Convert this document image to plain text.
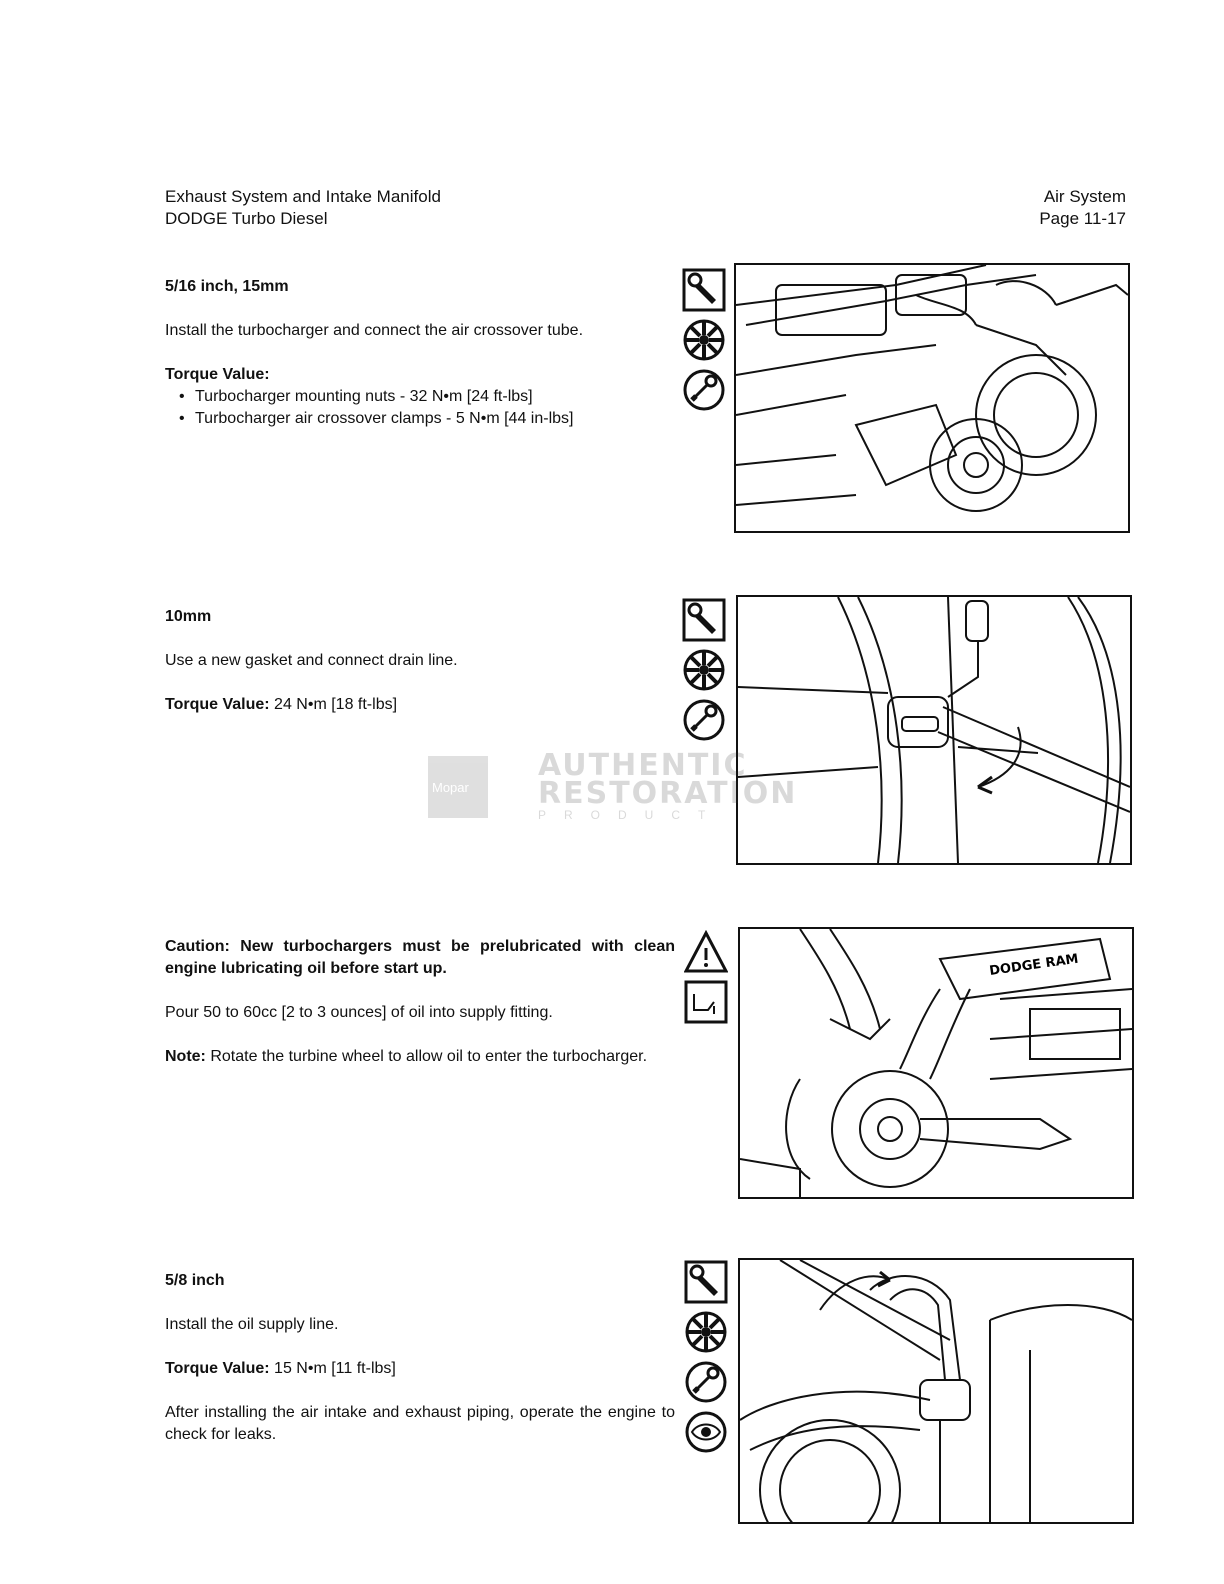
Exhaust System and Intake Manifold
DODGE Turbo Diesel
Air System
Page 11-17
5/16 inch, 15mm

Install the turbocharger and connect the air crossover tube.

Torque Value:
• Turbocharger mounting nuts - 32 N•m [24 ft-lbs]
• Turbocharger air crossover clamps - 5 N•m [44 in-lbs]
10mm

Use a new gasket and connect drain line.

Torque Value: 24 N•m [18 ft-lbs]

Mopar
AUTHENTIC
RESTORATION
PRODUCT

Caution: New turbochargers must be prelubricated with clean engine lubricating oil before start up.

Pour 50 to 60cc [2 to 3 ounces] of oil into supply fitting.

Note: Rotate the turbine wheel to allow oil to enter the turbocharger.

DODGE RAM
5/8 inch

Install the oil supply line.

Torque Value: 15 N•m [11 ft-lbs]

After installing the air intake and exhaust piping, operate the engine to check for leaks.
